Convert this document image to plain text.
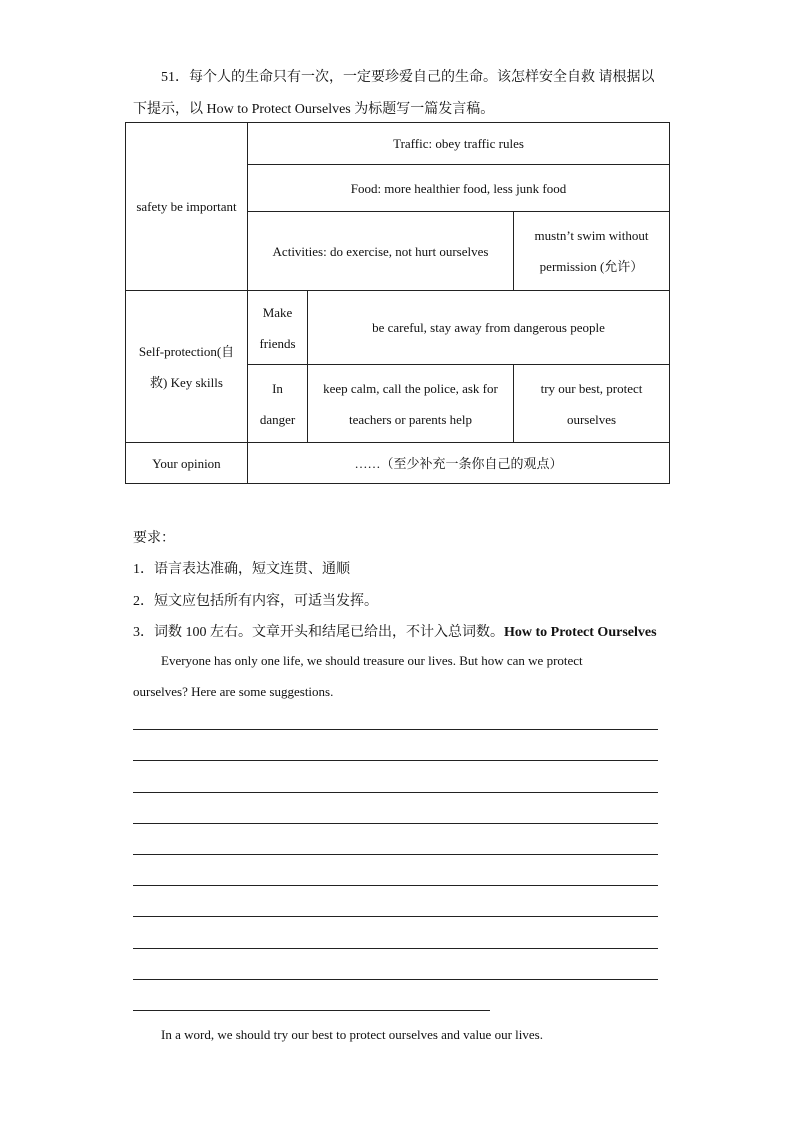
51．每个人的生命只有一次，一定要珍爱自己的生命。该怎样安全自救 请根据以
下提示，以 How to Protect Ourselves 为标题写一篇发言稿。
safety be important	Traffic: obey traffic rules		
	Food: more healthier food, less junk food		
	Activities: do exercise, not hurt ourselves		mustn’t swim without permission (允许）
Self-protection(自救) Key skills	Make friends	be careful, stay away from dangerous people	
	In danger	keep calm, call the police, ask for teachers or parents help	try our best, protect ourselves
Your opinion	……（至少补充一条你自己的观点）		
要求：
1．语言表达准确，短文连贯、通顺
2．短文应包括所有内容，可适当发挥。
3．词数 100 左右。文章开头和结尾已给出，不计入总词数。How to Protect Ourselves
Everyone has only one life, we should treasure our lives. But how can we protect
ourselves? Here are some suggestions.
In a word, we should try our best to protect ourselves and value our lives.
